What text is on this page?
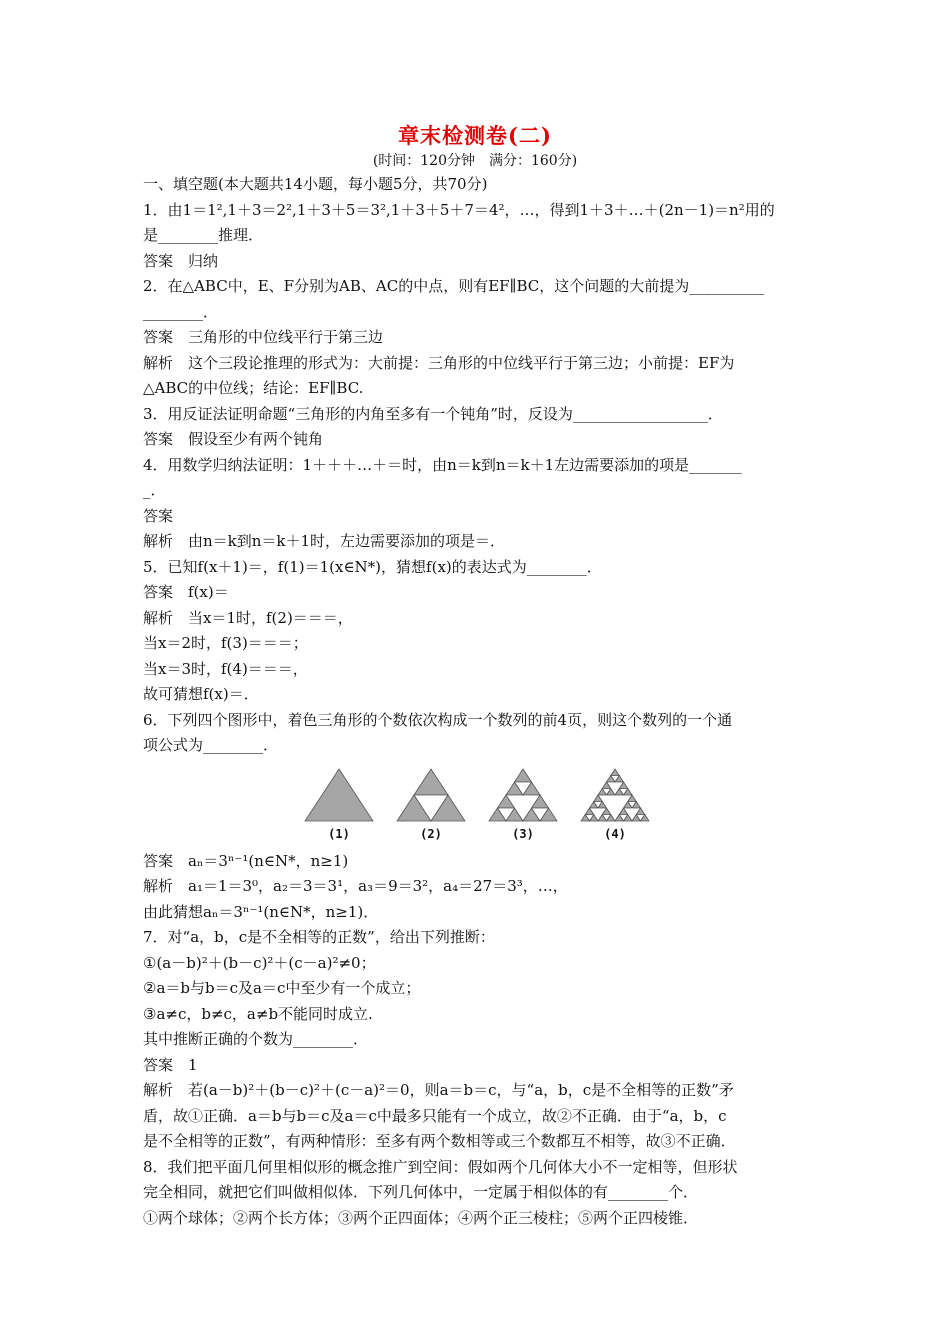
章末检测卷(二)
(时间：120分钟　满分：160分)
一、填空题(本大题共14小题，每小题5分，共70分)
1．由1＝1²,1＋3＝2²,1＋3＋5＝3²,1＋3＋5＋7＝4²，…，得到1＋3＋…＋(2n－1)＝n²用的
是________推理．
答案　归纳
2．在△ABC中，E、F分别为AB、AC的中点，则有EF∥BC，这个问题的大前提为__________
________．
答案　三角形的中位线平行于第三边
解析　这个三段论推理的形式为：大前提：三角形的中位线平行于第三边；小前提：EF为
△ABC的中位线；结论：EF∥BC.
3．用反证法证明命题“三角形的内角至多有一个钝角”时，反设为__________________．
答案　假设至少有两个钝角
4．用数学归纳法证明：1＋＋＋…＋＝时，由n＝k到n＝k＋1左边需要添加的项是_______
_．
答案
解析　由n＝k到n＝k＋1时，左边需要添加的项是＝．
5．已知f(x＋1)＝，f(1)＝1(x∈N*)，猜想f(x)的表达式为________．
答案　f(x)＝
解析　当x＝1时，f(2)＝＝＝，
当x＝2时，f(3)＝＝＝；
当x＝3时，f(4)＝＝＝，
故可猜想f(x)＝．
6．下列四个图形中，着色三角形的个数依次构成一个数列的前4页，则这个数列的一个通
项公式为________．
(1)	(2)	(3)	(4)
答案　aₙ＝3ⁿ⁻¹(n∈N*，n≥1)
解析　a₁＝1＝3⁰，a₂＝3＝3¹，a₃＝9＝3²，a₄＝27＝3³，…，
由此猜想aₙ＝3ⁿ⁻¹(n∈N*，n≥1)．
7．对“a，b，c是不全相等的正数”，给出下列推断：
①(a－b)²＋(b－c)²＋(c－a)²≠0；
②a＝b与b＝c及a＝c中至少有一个成立；
③a≠c，b≠c，a≠b不能同时成立.
其中推断正确的个数为________．
答案　1
解析　若(a－b)²＋(b－c)²＋(c－a)²＝0，则a＝b＝c，与“a，b，c是不全相等的正数”矛
盾，故①正确．a＝b与b＝c及a＝c中最多只能有一个成立，故②不正确．由于“a，b，c
是不全相等的正数”，有两种情形：至多有两个数相等或三个数都互不相等，故③不正确．
8．我们把平面几何里相似形的概念推广到空间：假如两个几何体大小不一定相等，但形状
完全相同，就把它们叫做相似体．下列几何体中，一定属于相似体的有________个．
①两个球体；②两个长方体；③两个正四面体；④两个正三棱柱；⑤两个正四棱锥．
